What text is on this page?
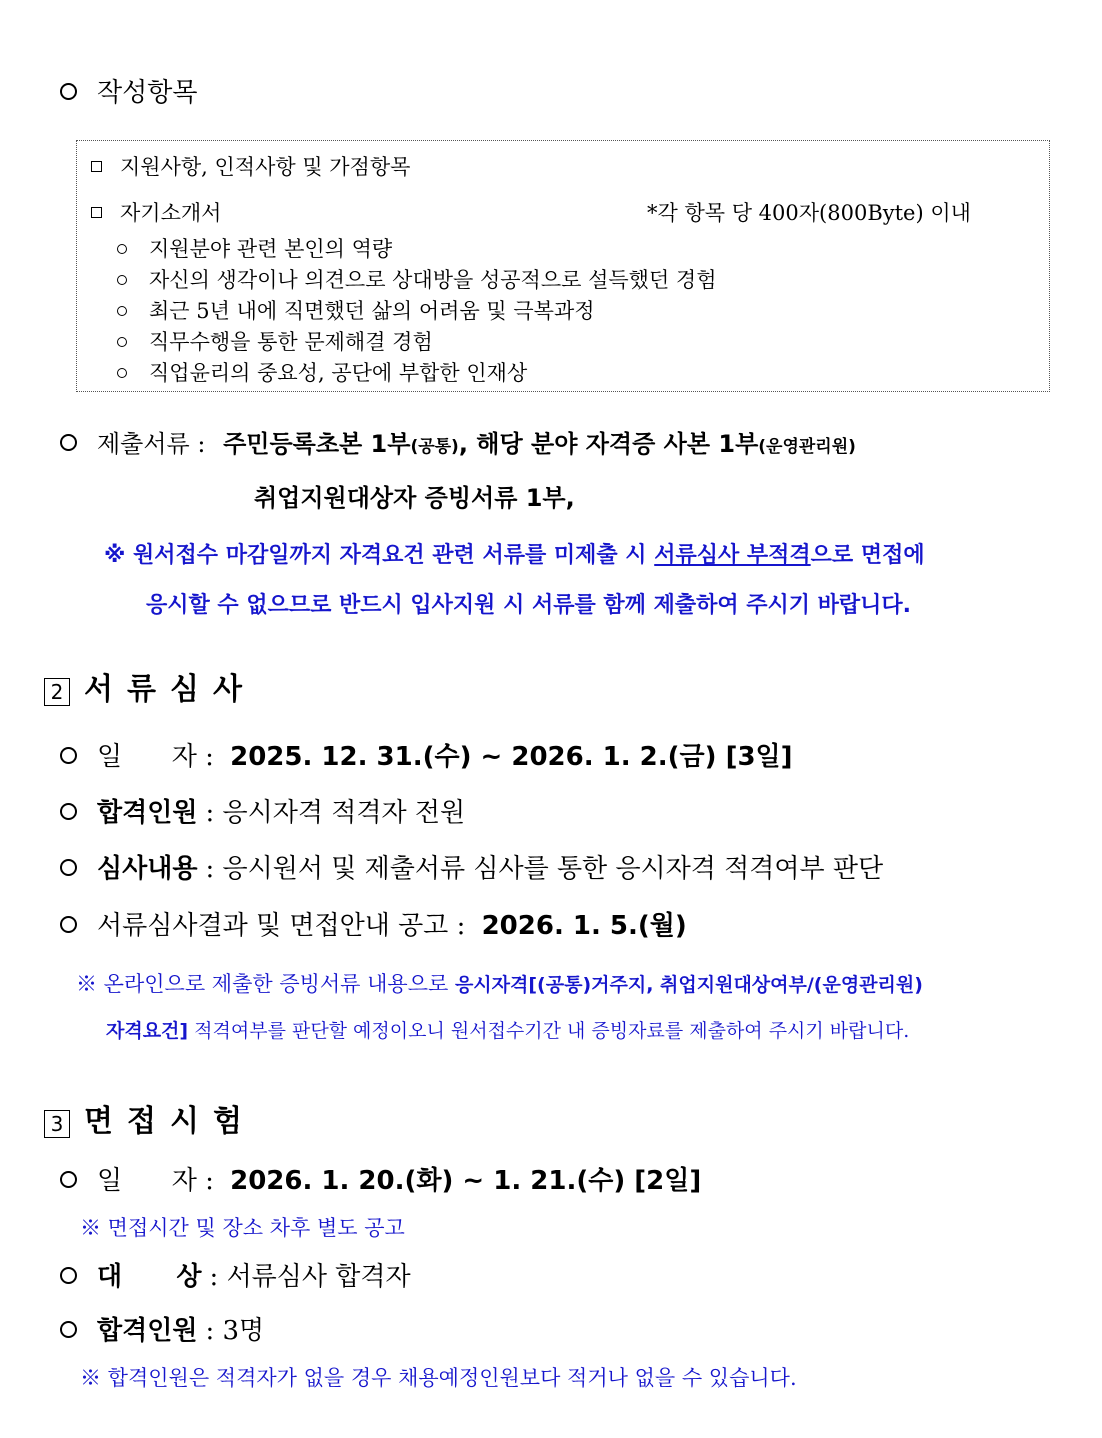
작성항목
지원사항, 인적사항 및 가점항목
자기소개서	*각 항목 당 400자(800Byte) 이내
지원분야 관련 본인의 역량
자신의 생각이나 의견으로 상대방을 성공적으로 설득했던 경험
최근 5년 내에 직면했던 삶의 어려움 및 극복과정
직무수행을 통한 문제해결 경험
직업윤리의 중요성, 공단에 부합한 인재상
제출서류 : 주민등록초본 1부(공통), 해당 분야 자격증 사본 1부(운영관리원)
취업지원대상자 증빙서류 1부,
※ 원서접수 마감일까지 자격요건 관련 서류를 미제출 시 서류심사 부적격으로 면접에
응시할 수 없으므로 반드시 입사지원 시 서류를 함께 제출하여 주시기 바랍니다.
2 서류심사
일      자 : 2025. 12. 31.(수) ~ 2026. 1. 2.(금) [3일]
합격인원 : 응시자격 적격자 전원
심사내용 : 응시원서 및 제출서류 심사를 통한 응시자격 적격여부 판단
서류심사결과 및 면접안내 공고 : 2026. 1. 5.(월)
※ 온라인으로 제출한 증빙서류 내용으로 응시자격[(공통)거주지, 취업지원대상여부/(운영관리원)
자격요건] 적격여부를 판단할 예정이오니 원서접수기간 내 증빙자료를 제출하여 주시기 바랍니다.
3 면접시험
일      자 : 2026. 1. 20.(화) ~ 1. 21.(수) [2일]
※ 면접시간 및 장소 차후 별도 공고
대      상 : 서류심사 합격자
합격인원 : 3명
※ 합격인원은 적격자가 없을 경우 채용예정인원보다 적거나 없을 수 있습니다.
